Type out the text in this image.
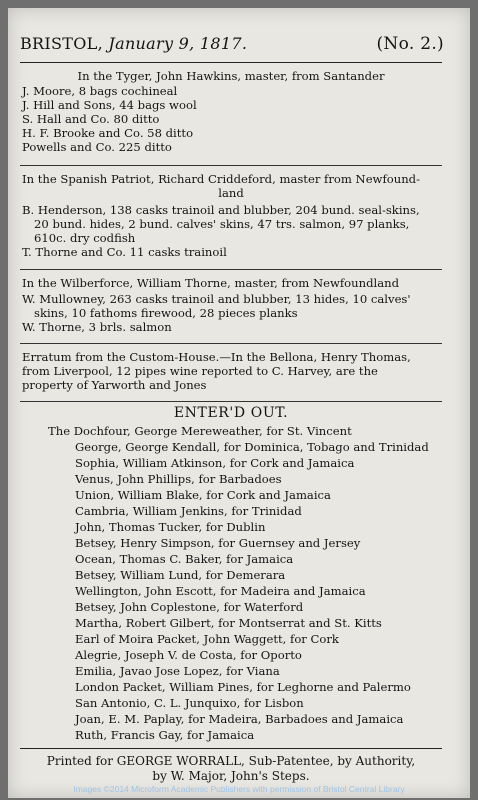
BRISTOL, January 9, 1817.	(No. 2.)
In the Tyger, John Hawkins, master, from Santander
J. Moore, 8 bags cochineal
J. Hill and Sons, 44 bags wool
S. Hall and Co. 80 ditto
H. F. Brooke and Co. 58 ditto
Powells and Co. 225 ditto
In the Spanish Patriot, Richard Criddeford, master from Newfound-
land
B. Henderson, 138 casks trainoil and blubber, 204 bund. seal-skins,
20 bund. hides, 2 bund. calves' skins, 47 trs. salmon, 97 planks,
610c. dry codfish
T. Thorne and Co. 11 casks trainoil
In the Wilberforce, William Thorne, master, from Newfoundland
W. Mullowney, 263 casks trainoil and blubber, 13 hides, 10 calves'
skins, 10 fathoms firewood, 28 pieces planks
W. Thorne, 3 brls. salmon
Erratum from the Custom-House.—In the Bellona, Henry Thomas,
from Liverpool, 12 pipes wine reported to C. Harvey, are the
property of Yarworth and Jones
ENTER'D OUT.
The Dochfour, George Mereweather, for St. Vincent
George, George Kendall, for Dominica, Tobago and Trinidad
Sophia, William Atkinson, for Cork and Jamaica
Venus, John Phillips, for Barbadoes
Union, William Blake, for Cork and Jamaica
Cambria, William Jenkins, for Trinidad
John, Thomas Tucker, for Dublin
Betsey, Henry Simpson, for Guernsey and Jersey
Ocean, Thomas C. Baker, for Jamaica
Betsey, William Lund, for Demerara
Wellington, John Escott, for Madeira and Jamaica
Betsey, John Coplestone, for Waterford
Martha, Robert Gilbert, for Montserrat and St. Kitts
Earl of Moira Packet, John Waggett, for Cork
Alegrie, Joseph V. de Costa, for Oporto
Emilia, Javao Jose Lopez, for Viana
London Packet, William Pines, for Leghorne and Palermo
San Antonio, C. L. Junquixo, for Lisbon
Joan, E. M. Paplay, for Madeira, Barbadoes and Jamaica
Ruth, Francis Gay, for Jamaica
Printed for GEORGE WORRALL, Sub-Patentee, by Authority,
by W. Major, John's Steps.
Images ©2014 Microform Academic Publishers with permission of Bristol Central Library
